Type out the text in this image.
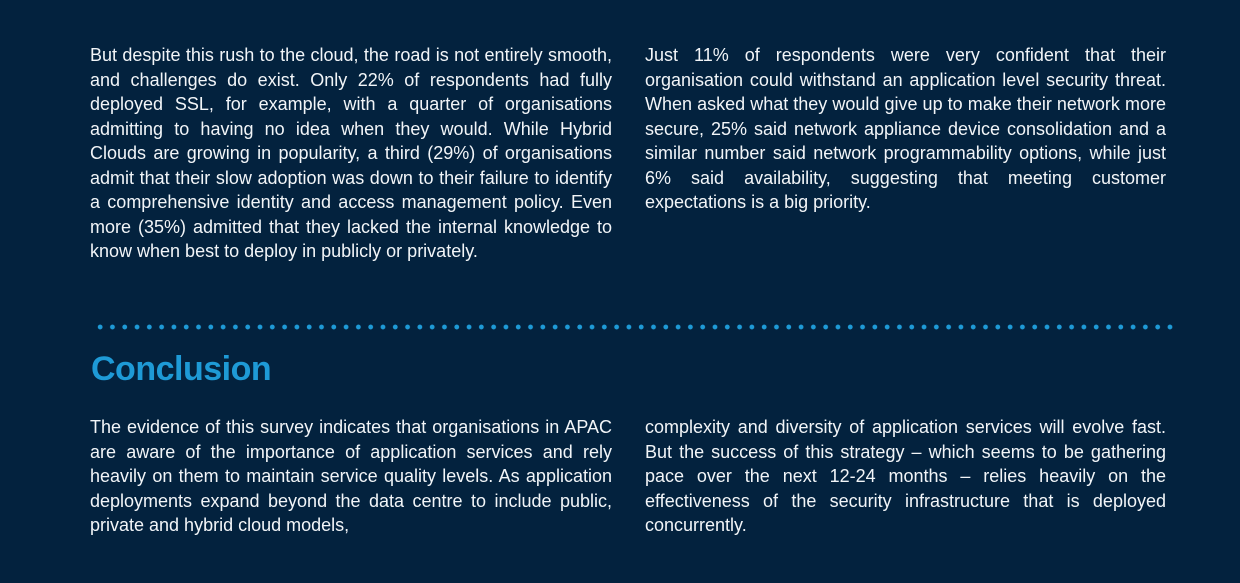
But despite this rush to the cloud, the road is not entirely smooth, and challenges do exist. Only 22% of respondents had fully deployed SSL, for example, with a quarter of organisations admitting to having no idea when they would. While Hybrid Clouds are growing in popularity, a third (29%) of organisations admit that their slow adoption was down to their failure to identify a comprehensive identity and access management policy. Even more (35%) admitted that they lacked the internal knowledge to know when best to deploy in publicly or privately.

Just 11% of respondents were very confident that their organisation could withstand an application level security threat. When asked what they would give up to make their network more secure, 25% said network appliance device consolidation and a similar number said network programmability options, while just 6% said availability, suggesting that meeting customer expectations is a big priority.

Conclusion

The evidence of this survey indicates that organisations in APAC are aware of the importance of application services and rely heavily on them to maintain service quality levels. As application deployments expand beyond the data centre to include public, private and hybrid cloud models,

complexity and diversity of application services will evolve fast. But the success of this strategy – which seems to be gathering pace over the next 12-24 months – relies heavily on the effectiveness of the security infrastructure that is deployed concurrently.
